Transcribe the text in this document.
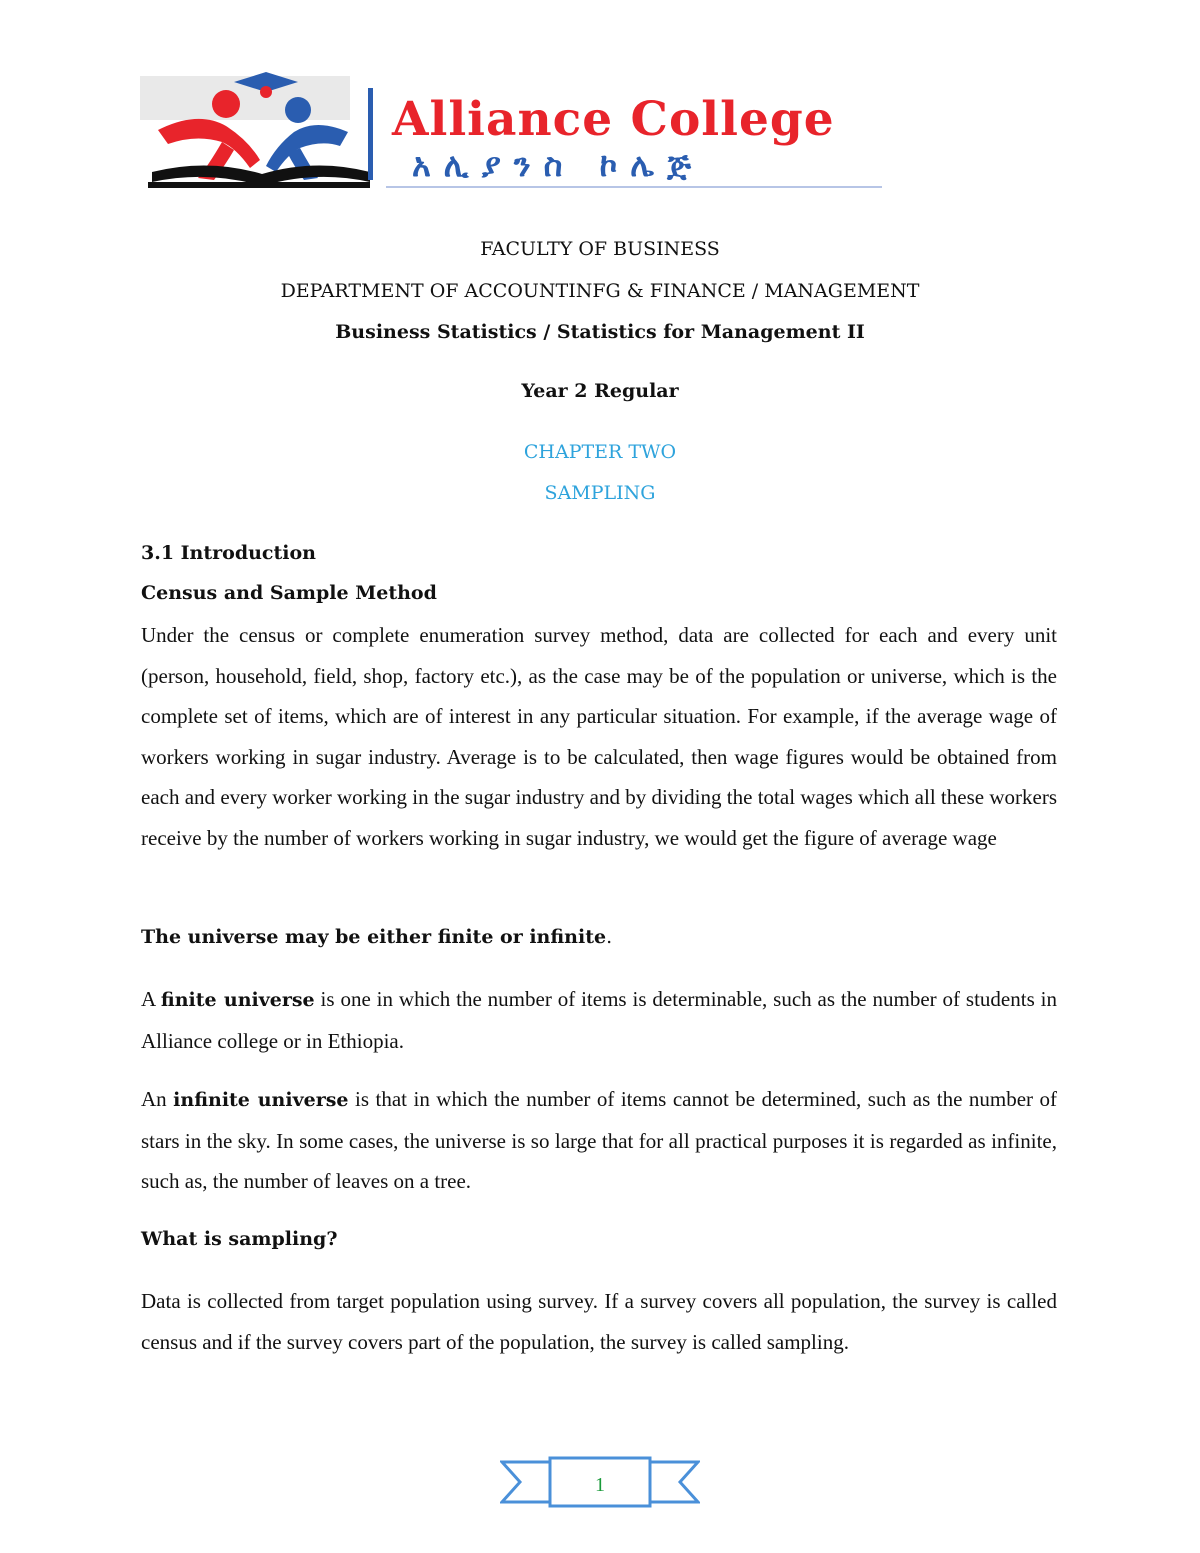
Alliance College
አሊያንስ ኮሌጅ
FACULTY OF BUSINESS
DEPARTMENT OF ACCOUNTINFG & FINANCE / MANAGEMENT
Business Statistics / Statistics for Management II
Year 2 Regular
CHAPTER TWO
SAMPLING
3.1 Introduction
Census and Sample Method
Under the census or complete enumeration survey method, data are collected for each and every unit (person, household, field, shop, factory etc.), as the case may be of the population or universe, which is the complete set of items, which are of interest in any particular situation. For example, if the average wage of workers working in sugar industry. Average is to be calculated, then wage figures would be obtained from each and every worker working in the sugar industry and by dividing the total wages which all these workers receive by the number of workers working in sugar industry, we would get the figure of average wage
The universe may be either finite or infinite.
A finite universe is one in which the number of items is determinable, such as the number of students in Alliance college or in Ethiopia.
An infinite universe is that in which the number of items cannot be determined, such as the number of stars in the sky. In some cases, the universe is so large that for all practical purposes it is regarded as infinite, such as, the number of leaves on a tree.
What is sampling?
Data is collected from target population using survey. If a survey covers all population, the survey is called census and if the survey covers part of the population, the survey is called sampling.
1
